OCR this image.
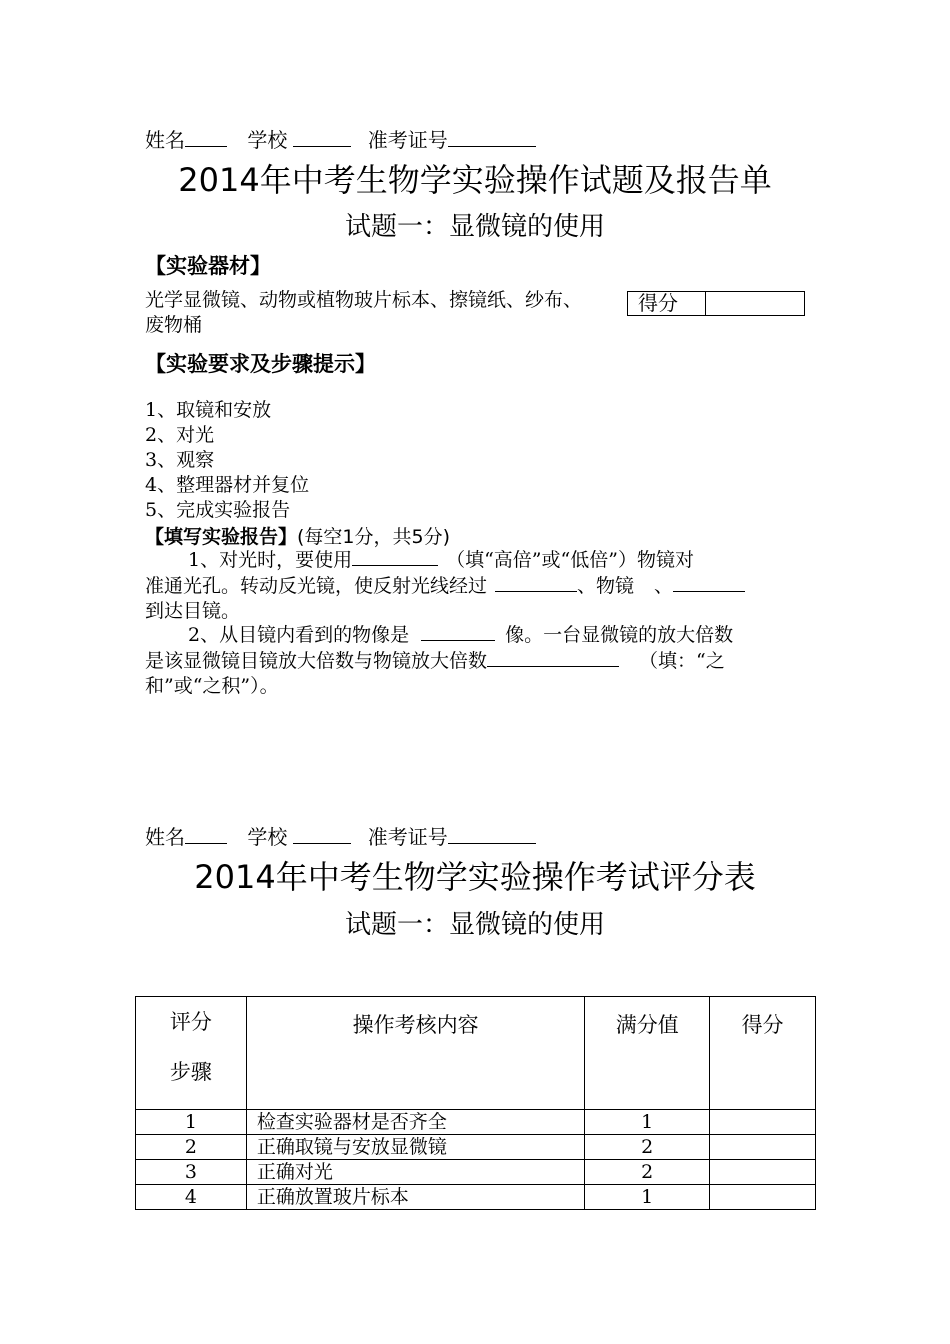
姓名	学校	准考证号
2014年中考生物学实验操作试题及报告单
试题一：显微镜的使用
【实验器材】
光学显微镜、动物或植物玻片标本、擦镜纸、纱布、
废物桶
得分
【实验要求及步骤提示】
1、取镜和安放
2、对光
3、观察
4、整理器材并复位
5、完成实验报告
【填写实验报告】(每空1分，共5分)
1、对光时，要使用	（填“高倍”或“低倍”）物镜对
准通光孔。转动反光镜，使反射光线经过	、物镜 、
到达目镜。
2、从目镜内看到的物像是	像。一台显微镜的放大倍数
是该显微镜目镜放大倍数与物镜放大倍数	（填：“之
和”或“之积”）。
姓名	学校	准考证号
2014年中考生物学实验操作考试评分表
试题一：显微镜的使用
评分
步骤	操作考核内容	满分值	得分
1	检查实验器材是否齐全	1	
2	正确取镜与安放显微镜	2	
3	正确对光	2	
4	正确放置玻片标本	1	
